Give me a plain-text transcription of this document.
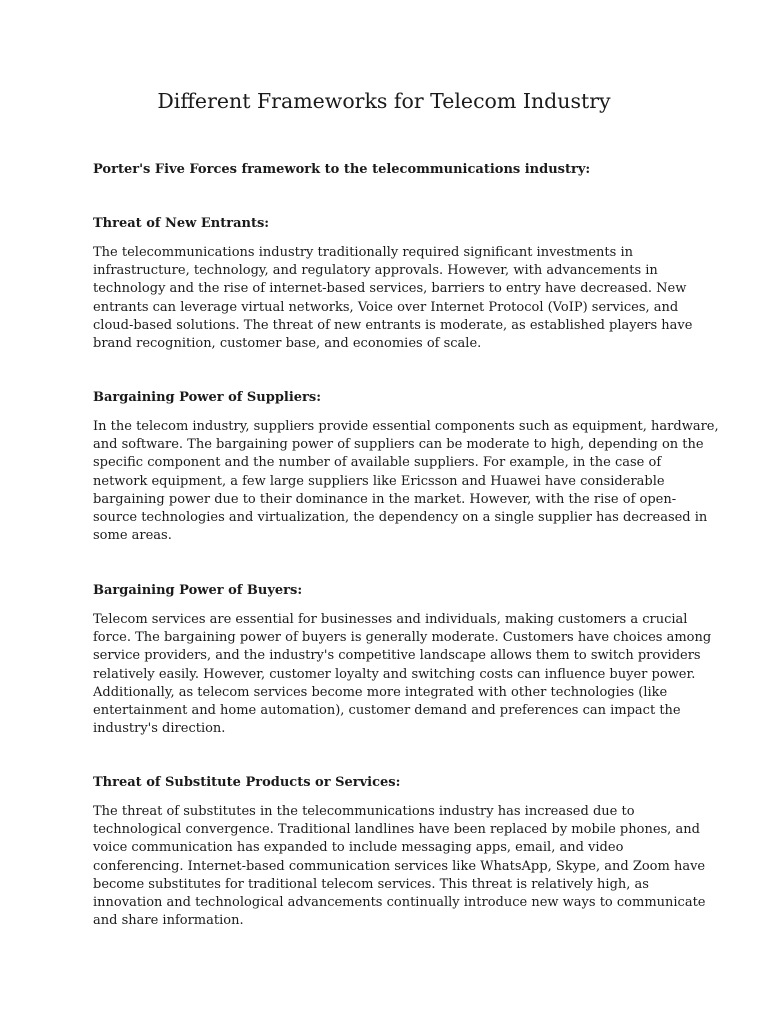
Different Frameworks for Telecom Industry

Porter's Five Forces framework to the telecommunications industry:

Threat of New Entrants:

The telecommunications industry traditionally required significant investments in
infrastructure, technology, and regulatory approvals. However, with advancements in
technology and the rise of internet-based services, barriers to entry have decreased. New
entrants can leverage virtual networks, Voice over Internet Protocol (VoIP) services, and
cloud-based solutions. The threat of new entrants is moderate, as established players have
brand recognition, customer base, and economies of scale.

Bargaining Power of Suppliers:

In the telecom industry, suppliers provide essential components such as equipment, hardware,
and software. The bargaining power of suppliers can be moderate to high, depending on the
specific component and the number of available suppliers. For example, in the case of
network equipment, a few large suppliers like Ericsson and Huawei have considerable
bargaining power due to their dominance in the market. However, with the rise of open-
source technologies and virtualization, the dependency on a single supplier has decreased in
some areas.

Bargaining Power of Buyers:

Telecom services are essential for businesses and individuals, making customers a crucial
force. The bargaining power of buyers is generally moderate. Customers have choices among
service providers, and the industry's competitive landscape allows them to switch providers
relatively easily. However, customer loyalty and switching costs can influence buyer power.
Additionally, as telecom services become more integrated with other technologies (like
entertainment and home automation), customer demand and preferences can impact the
industry's direction.

Threat of Substitute Products or Services:

The threat of substitutes in the telecommunications industry has increased due to
technological convergence. Traditional landlines have been replaced by mobile phones, and
voice communication has expanded to include messaging apps, email, and video
conferencing. Internet-based communication services like WhatsApp, Skype, and Zoom have
become substitutes for traditional telecom services. This threat is relatively high, as
innovation and technological advancements continually introduce new ways to communicate
and share information.
